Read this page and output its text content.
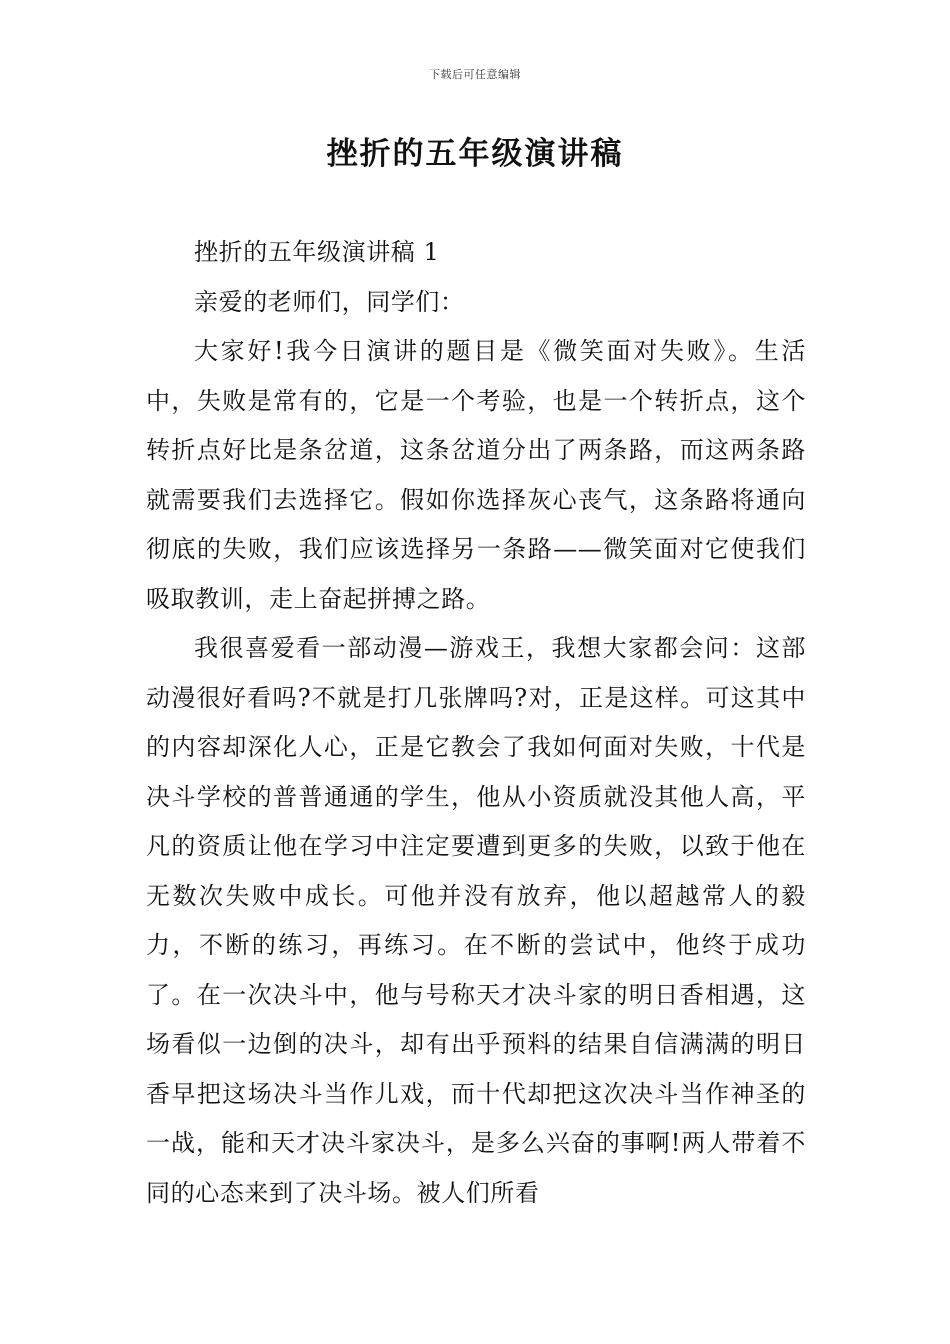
下载后可任意编辑
挫折的五年级演讲稿

挫折的五年级演讲稿 1

亲爱的老师们，同学们：

大家好!我今日演讲的题目是《微笑面对失败》。生活中，失败是常有的，它是一个考验，也是一个转折点，这个转折点好比是条岔道，这条岔道分出了两条路，而这两条路就需要我们去选择它。假如你选择灰心丧气，这条路将通向彻底的失败，我们应该选择另一条路——微笑面对它使我们吸取教训，走上奋起拼搏之路。

我很喜爱看一部动漫—游戏王，我想大家都会问：这部动漫很好看吗?不就是打几张牌吗?对，正是这样。可这其中的内容却深化人心，正是它教会了我如何面对失败，十代是决斗学校的普普通通的学生，他从小资质就没其他人高，平凡的资质让他在学习中注定要遭到更多的失败，以致于他在无数次失败中成长。可他并没有放弃，他以超越常人的毅力，不断的练习，再练习。在不断的尝试中，他终于成功了。在一次决斗中，他与号称天才决斗家的明日香相遇，这场看似一边倒的决斗，却有出乎预料的结果自信满满的明日香早把这场决斗当作儿戏，而十代却把这次决斗当作神圣的一战，能和天才决斗家决斗，是多么兴奋的事啊!两人带着不同的心态来到了决斗场。被人们所看
